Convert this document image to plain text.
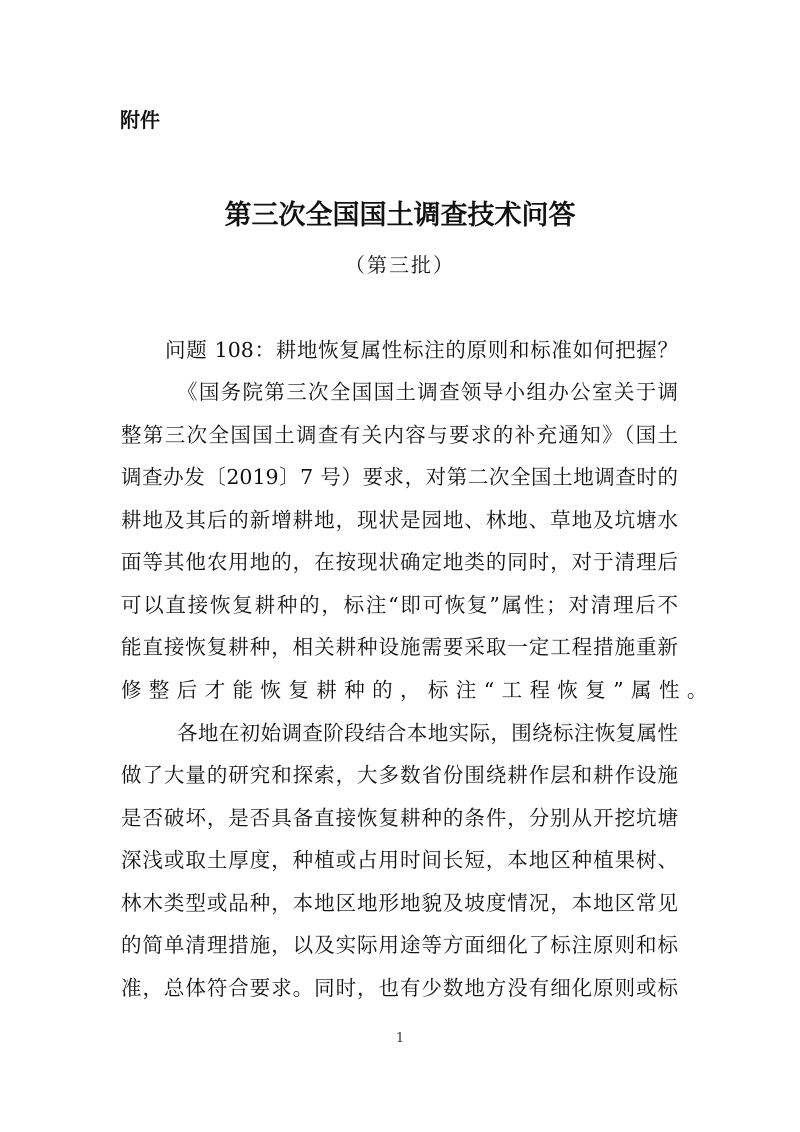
附件
第三次全国国土调查技术问答
（第三批）
问题 108：耕地恢复属性标注的原则和标准如何把握？
《国务院第三次全国国土调查领导小组办公室关于调
整第三次全国国土调查有关内容与要求的补充通知》（国土
调查办发〔2019〕7 号）要求，对第二次全国土地调查时的
耕地及其后的新增耕地，现状是园地、林地、草地及坑塘水
面等其他农用地的，在按现状确定地类的同时，对于清理后
可以直接恢复耕种的，标注“即可恢复”属性；对清理后不
能直接恢复耕种，相关耕种设施需要采取一定工程措施重新
修整后才能恢复耕种的，标注“工程恢复”属性。
各地在初始调查阶段结合本地实际，围绕标注恢复属性
做了大量的研究和探索，大多数省份围绕耕作层和耕作设施
是否破坏，是否具备直接恢复耕种的条件，分别从开挖坑塘
深浅或取土厚度，种植或占用时间长短，本地区种植果树、
林木类型或品种，本地区地形地貌及坡度情况，本地区常见
的简单清理措施，以及实际用途等方面细化了标注原则和标
准，总体符合要求。同时，也有少数地方没有细化原则或标
1
